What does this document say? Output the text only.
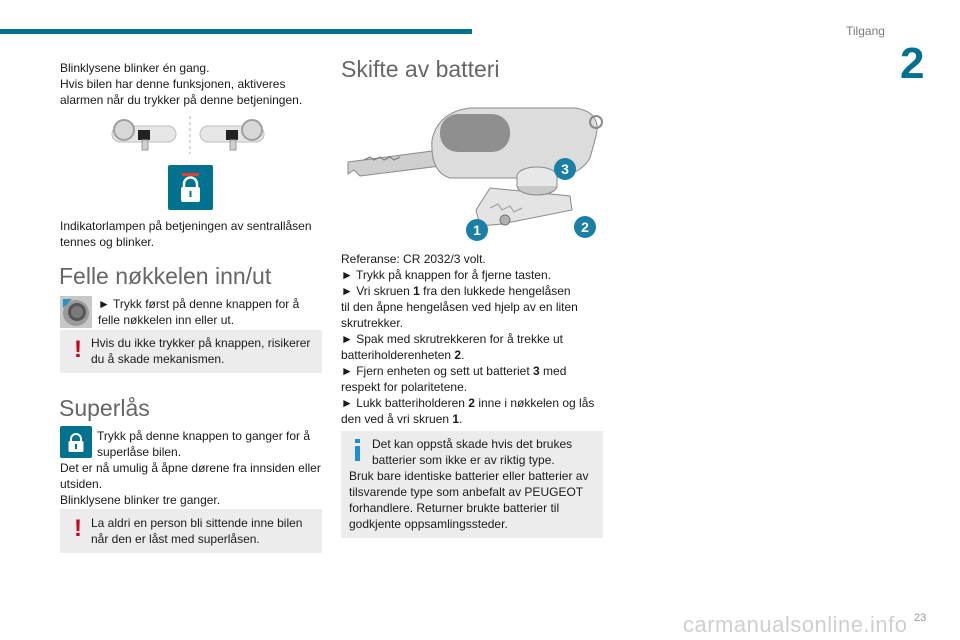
Tilgang
2
Blinklysene blinker én gang.
Hvis bilen har denne funksjonen, aktiveres
alarmen når du trykker på denne betjeningen.
Indikatorlampen på betjeningen av sentrallåsen
tennes og blinker.
Felle nøkkelen inn/ut
► Trykk først på denne knappen for å
felle nøkkelen inn eller ut.
! Hvis du ikke trykker på knappen, risikerer
du å skade mekanismen.
Superlås
Trykk på denne knappen to ganger for å
superlåse bilen.
Det er nå umulig å åpne dørene fra innsiden eller
utsiden.
Blinklysene blinker tre ganger.
! La aldri en person bli sittende inne bilen
når den er låst med superlåsen.
Skifte av batteri
1	2
3
Referanse: CR 2032/3 volt.
► Trykk på knappen for å fjerne tasten.
► Vri skruen 1 fra den lukkede hengelåsen
til den åpne hengelåsen ved hjelp av en liten
skrutrekker.
► Spak med skrutrekkeren for å trekke ut
batteriholderenheten 2.
► Fjern enheten og sett ut batteriet 3 med
respekt for polaritetene.
► Lukk batteriholderen 2 inne i nøkkelen og lås
den ved å vri skruen 1.
Det kan oppstå skade hvis det brukes
batterier som ikke er av riktig type.
Bruk bare identiske batterier eller batterier av
tilsvarende type som anbefalt av PEUGEOT
forhandlere. Returner brukte batterier til
godkjente oppsamlingssteder.
23
carmanualsonline.info
